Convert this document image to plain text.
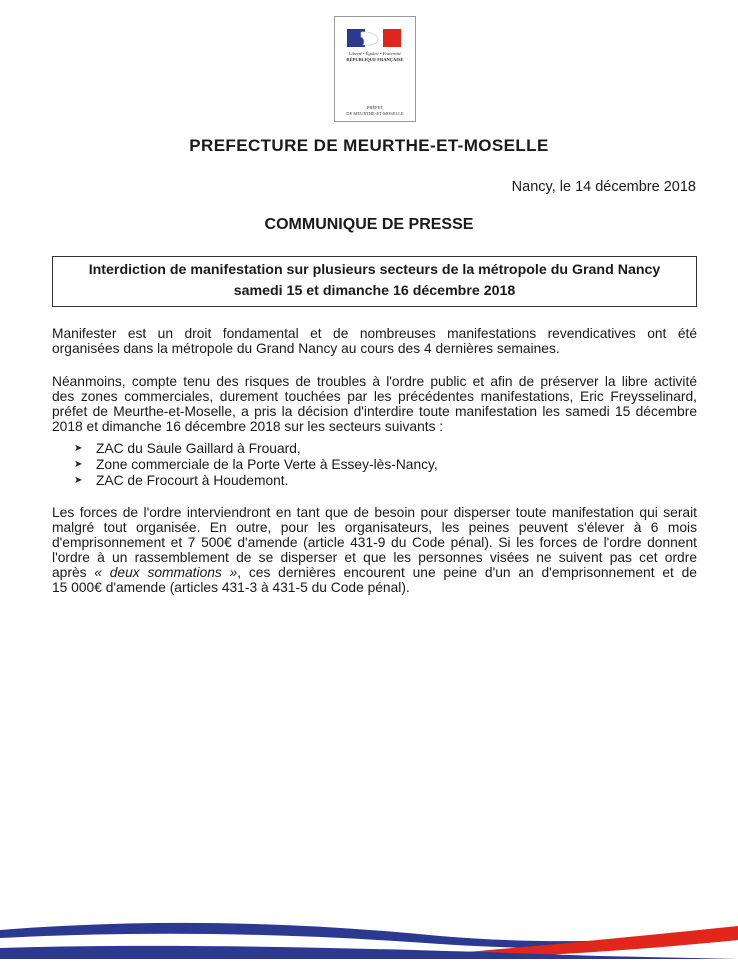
Liberté • Égalité • Fraternité
RÉPUBLIQUE FRANÇAISE
PRÉFET
DE MEURTHE-ET-MOSELLE
PREFECTURE DE MEURTHE-ET-MOSELLE
Nancy, le 14 décembre 2018
COMMUNIQUE DE PRESSE
Interdiction de manifestation sur plusieurs secteurs de la métropole du Grand Nancy
samedi 15 et dimanche 16 décembre 2018
Manifester est un droit fondamental et de nombreuses manifestations revendicatives ont été
organisées dans la métropole du Grand Nancy au cours des 4 dernières semaines.
Néanmoins, compte tenu des risques de troubles à l'ordre public et afin de préserver la libre activité
des zones commerciales, durement touchées par les précédentes manifestations, Eric Freysselinard,
préfet de Meurthe-et-Moselle, a pris la décision d'interdire toute manifestation les samedi 15 décembre
2018 et dimanche 16 décembre 2018 sur les secteurs suivants :
➤ ZAC du Saule Gaillard à Frouard,
➤ Zone commerciale de la Porte Verte à Essey-lès-Nancy,
➤ ZAC de Frocourt à Houdemont.
Les forces de l'ordre interviendront en tant que de besoin pour disperser toute manifestation qui serait
malgré tout organisée. En outre, pour les organisateurs, les peines peuvent s'élever à 6 mois
d'emprisonnement et 7 500€ d'amende (article 431-9 du Code pénal). Si les forces de l'ordre donnent
l'ordre à un rassemblement de se disperser et que les personnes visées ne suivent pas cet ordre
après « deux sommations », ces dernières encourent une peine d'un an d'emprisonnement et de
15 000€ d'amende (articles 431-3 à 431-5 du Code pénal).
